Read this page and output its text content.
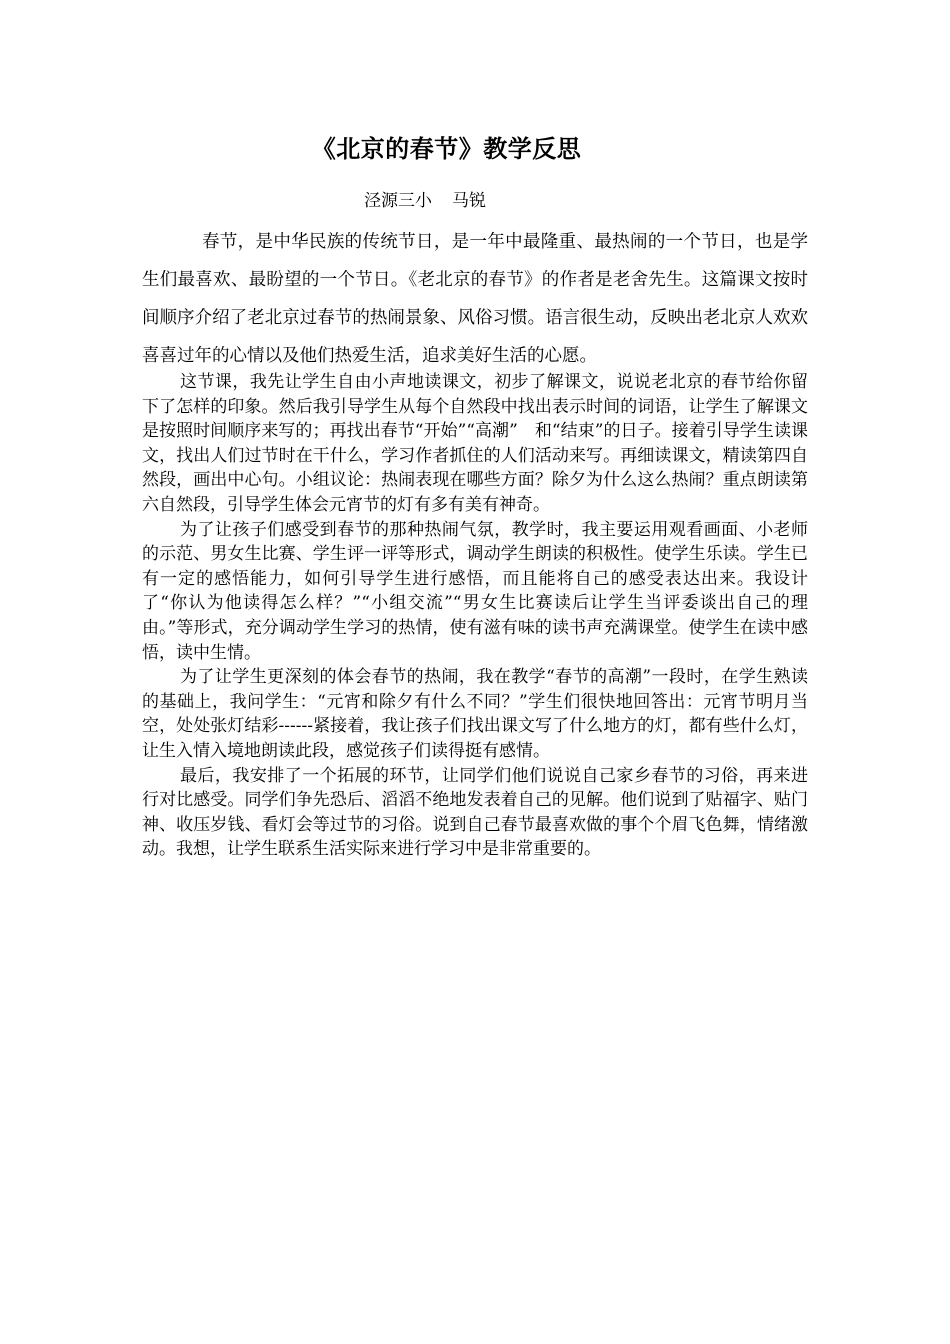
《北京的春节》教学反思
泾源三小 马锐

春节，是中华民族的传统节日，是一年中最隆重、最热闹的一个节日，也是学生们最喜欢、最盼望的一个节日。《老北京的春节》的作者是老舍先生。这篇课文按时间顺序介绍了老北京过春节的热闹景象、风俗习惯。语言很生动，反映出老北京人欢欢喜喜过年的心情以及他们热爱生活，追求美好生活的心愿。

这节课，我先让学生自由小声地读课文，初步了解课文，说说老北京的春节给你留下了怎样的印象。然后我引导学生从每个自然段中找出表示时间的词语，让学生了解课文是按照时间顺序来写的；再找出春节“开始”“高潮”　和“结束”的日子。接着引导学生读课文，找出人们过节时在干什么，学习作者抓住的人们活动来写。再细读课文，精读第四自然段，画出中心句。小组议论：热闹表现在哪些方面？除夕为什么这么热闹？重点朗读第六自然段，引导学生体会元宵节的灯有多有美有神奇。

为了让孩子们感受到春节的那种热闹气氛，教学时，我主要运用观看画面、小老师的示范、男女生比赛、学生评一评等形式，调动学生朗读的积极性。使学生乐读。学生已有一定的感悟能力，如何引导学生进行感悟，而且能将自己的感受表达出来。我设计了“你认为他读得怎么样？”“小组交流”“男女生比赛读后让学生当评委谈出自己的理由。”等形式，充分调动学生学习的热情，使有滋有味的读书声充满课堂。使学生在读中感悟，读中生情。

为了让学生更深刻的体会春节的热闹，我在教学“春节的高潮”一段时，在学生熟读的基础上，我问学生：“元宵和除夕有什么不同？”学生们很快地回答出：元宵节明月当空，处处张灯结彩------紧接着，我让孩子们找出课文写了什么地方的灯，都有些什么灯，让生入情入境地朗读此段，感觉孩子们读得挺有感情。

最后，我安排了一个拓展的环节，让同学们他们说说自己家乡春节的习俗，再来进行对比感受。同学们争先恐后、滔滔不绝地发表着自己的见解。他们说到了贴福字、贴门神、收压岁钱、看灯会等过节的习俗。说到自己春节最喜欢做的事个个眉飞色舞，情绪激动。我想，让学生联系生活实际来进行学习中是非常重要的。
